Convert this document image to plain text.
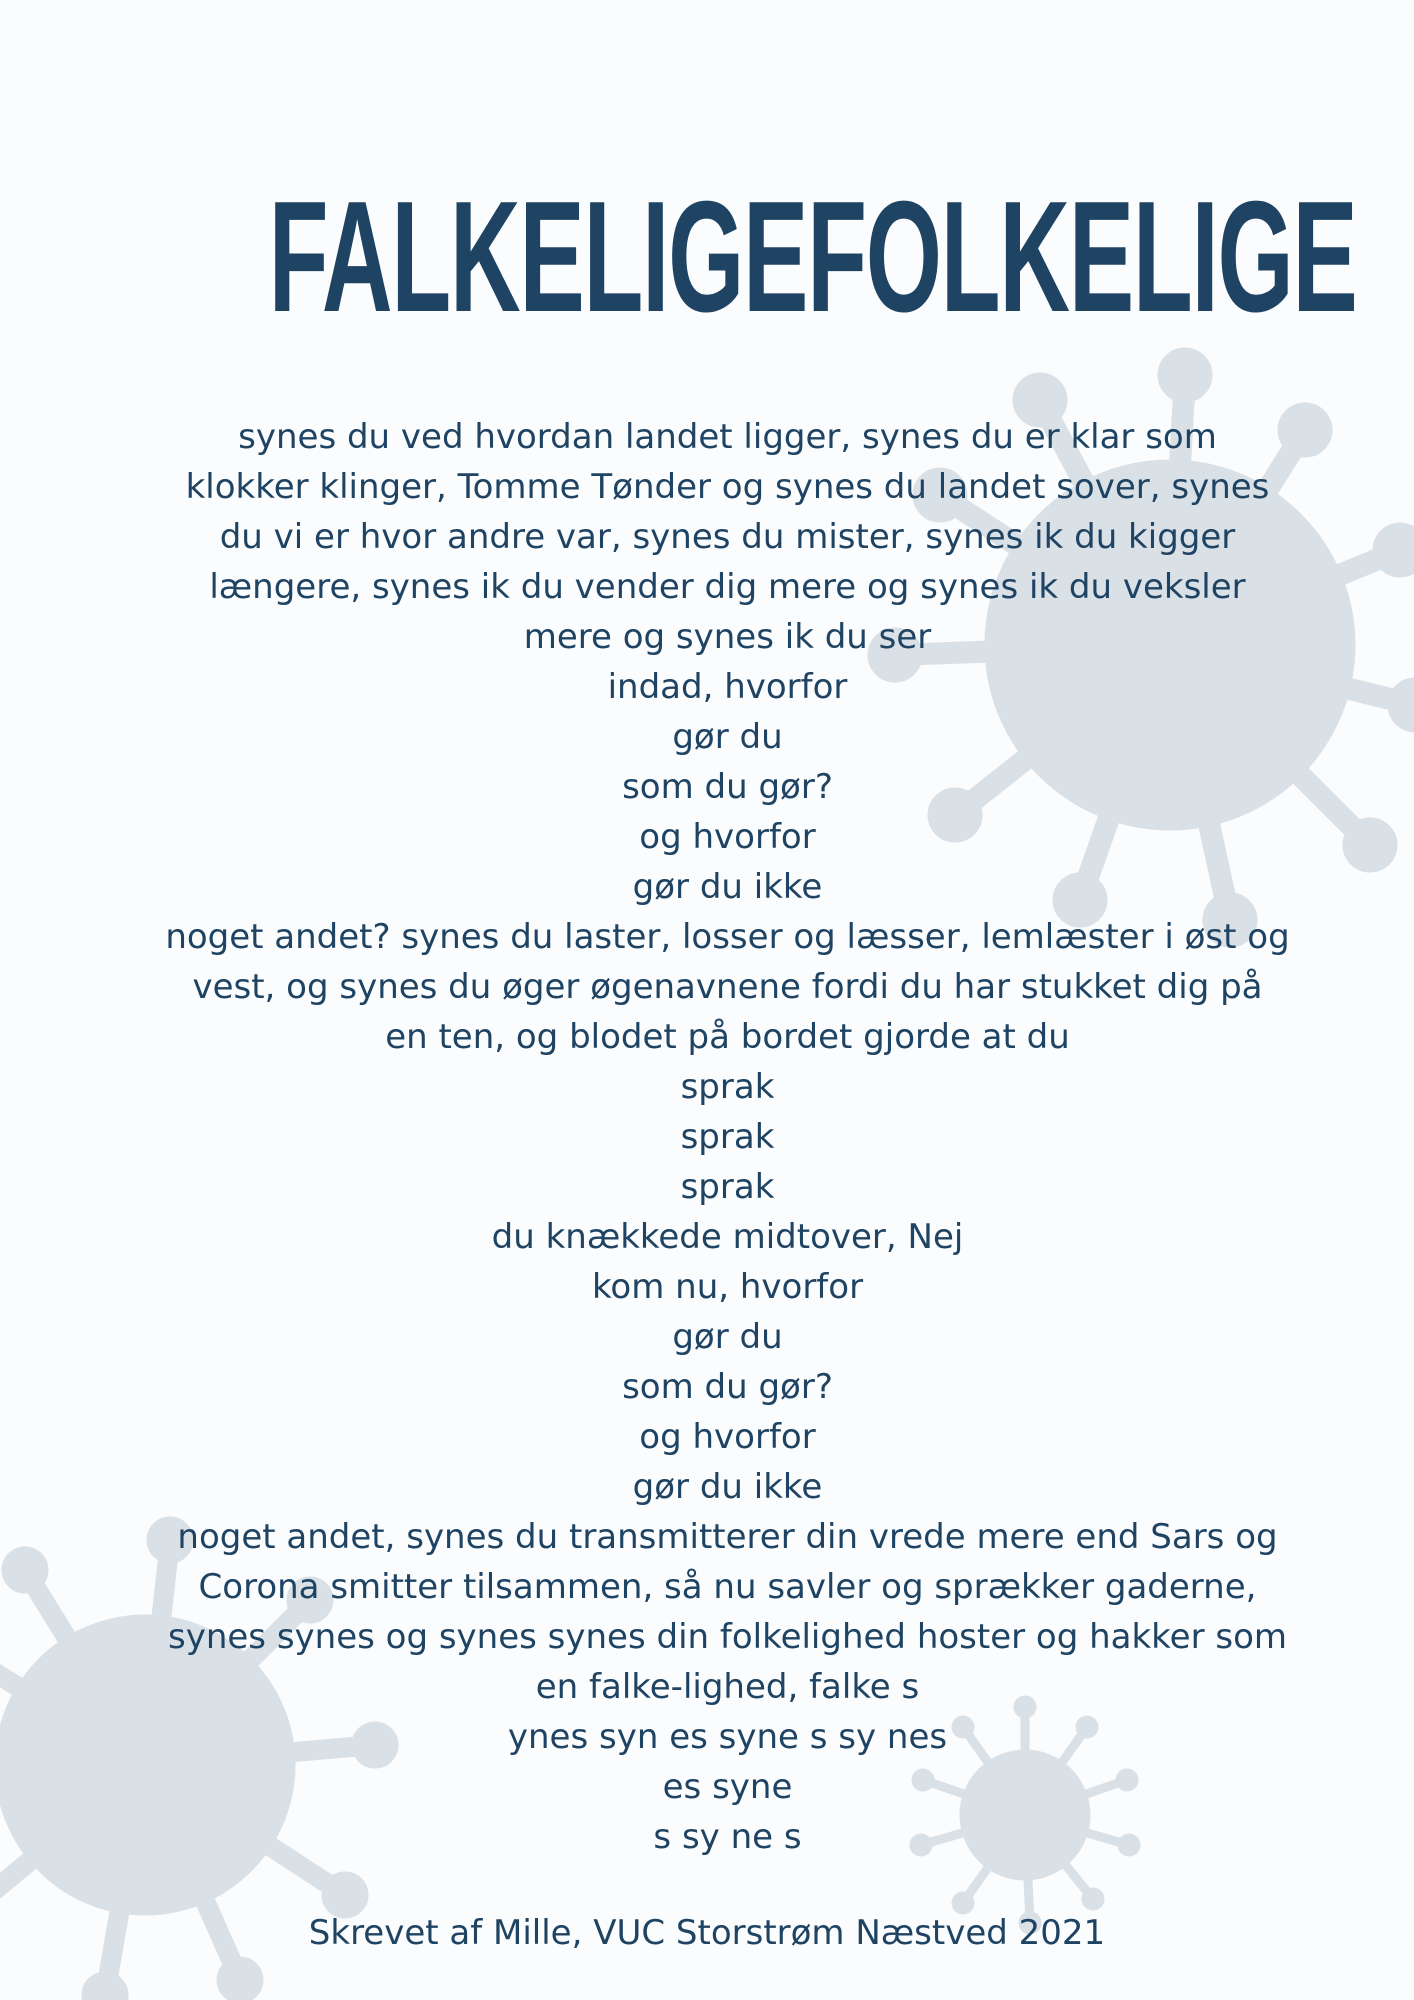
FALKELIGEFOLKELIGE
synes du ved hvordan landet ligger, synes du er klar som
klokker klinger, Tomme Tønder og synes du landet sover, synes
du vi er hvor andre var, synes du mister, synes ik du kigger
længere, synes ik du vender dig mere og synes ik du veksler
mere og synes ik du ser
indad, hvorfor
gør du
som du gør?
og hvorfor
gør du ikke
noget andet? synes du laster, losser og læsser, lemlæster i øst og
vest, og synes du øger øgenavnene fordi du har stukket dig på
en ten, og blodet på bordet gjorde at du
sprak
sprak
sprak
du knækkede midtover, Nej
kom nu, hvorfor
gør du
som du gør?
og hvorfor
gør du ikke
noget andet, synes du transmitterer din vrede mere end Sars og
Corona smitter tilsammen, så nu savler og sprækker gaderne,
synes synes og synes synes din folkelighed hoster og hakker som
en falke-lighed, falke s
ynes syn es syne s sy nes
es syne
s sy ne s
Skrevet af Mille, VUC Storstrøm Næstved 2021
